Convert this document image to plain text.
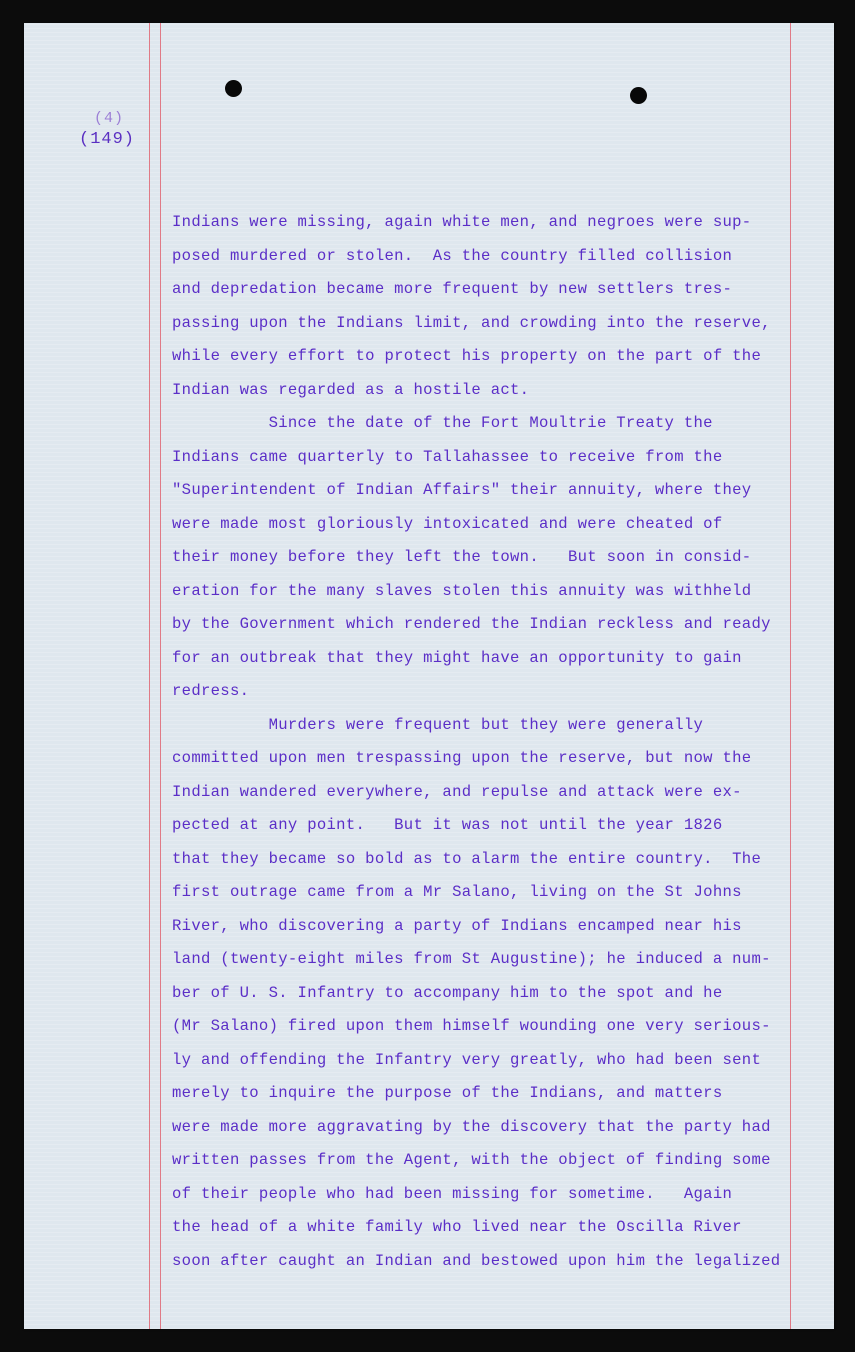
(4)
(149)
Indians were missing, again white men, and negroes were sup-
posed murdered or stolen.  As the country filled collision
and depredation became more frequent by new settlers tres-
passing upon the Indians limit, and crowding into the reserve,
while every effort to protect his property on the part of the
Indian was regarded as a hostile act.
Since the date of the Fort Moultrie Treaty the
Indians came quarterly to Tallahassee to receive from the
"Superintendent of Indian Affairs" their annuity, where they
were made most gloriously intoxicated and were cheated of
their money before they left the town.   But soon in consid-
eration for the many slaves stolen this annuity was withheld
by the Government which rendered the Indian reckless and ready
for an outbreak that they might have an opportunity to gain
redress.
Murders were frequent but they were generally
committed upon men trespassing upon the reserve, but now the
Indian wandered everywhere, and repulse and attack were ex-
pected at any point.   But it was not until the year 1826
that they became so bold as to alarm the entire country.  The
first outrage came from a Mr Salano, living on the St Johns
River, who discovering a party of Indians encamped near his
land (twenty-eight miles from St Augustine); he induced a num-
ber of U. S. Infantry to accompany him to the spot and he
(Mr Salano) fired upon them himself wounding one very serious-
ly and offending the Infantry very greatly, who had been sent
merely to inquire the purpose of the Indians, and matters
were made more aggravating by the discovery that the party had
written passes from the Agent, with the object of finding some
of their people who had been missing for sometime.   Again
the head of a white family who lived near the Oscilla River
soon after caught an Indian and bestowed upon him the legalized
